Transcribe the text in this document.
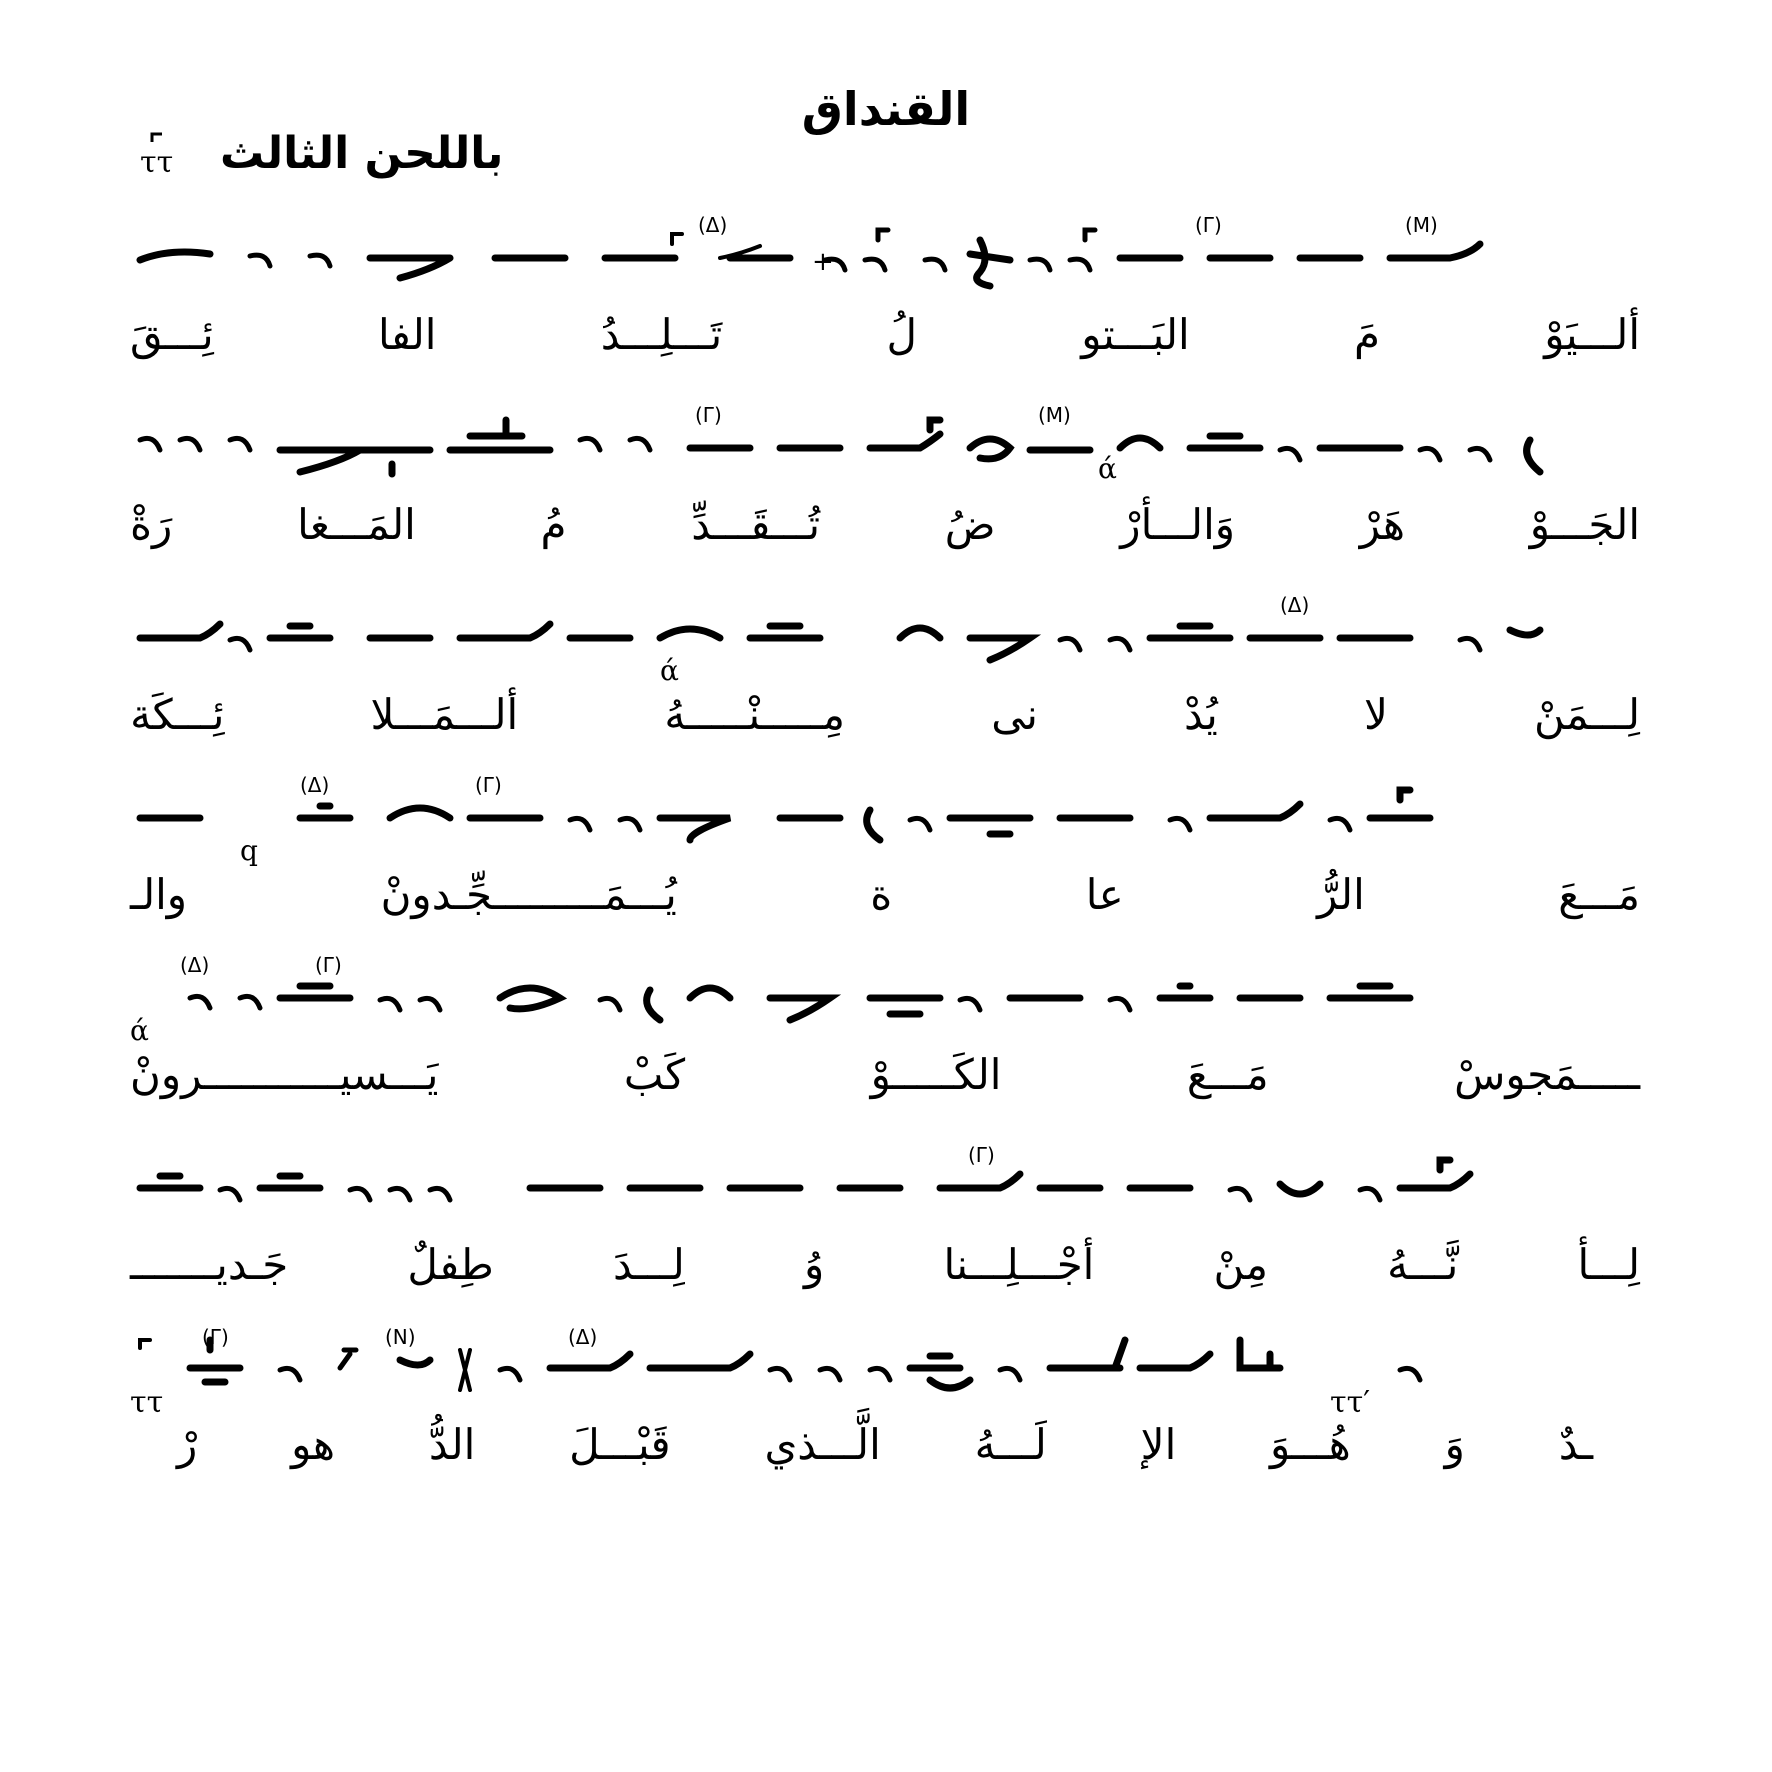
القنداق
باللحن الثالث
ττ
+
(Δ)	(Γ)	(M)
ألـــيَوْ
مَ
البَـــتو
لُ
تَـــلِـــدُ
الفا
ئِـــقَ
(M)
(Γ)
ά
الجَـــوْ
هَرْ
وَالـــأرْ
ضُ
تُـــقَـــدِّ
مُ
المَـــغا
رَةْ
(Δ)
ά
لِـــمَنْ
لا
يُدْ
نى
مِـــــنْـــــهُ
ألـــمَـــلا
ئِـــكَة
(Δ)	(Γ)
q
مَـــعَ
الرُّ
عا
ة
يُـــمَـــــــــجِّـدونْ
والـ
(Δ)	(Γ)
ά
ـــــمَجوسْ
مَـــعَ
الكَـــــوْ
كَبْ
يَـــسيـــــــــــرونْ
(Γ)
لِـــأ
نَّـــهُ
مِنْ
أجْـــلِـــنا
وُ
لِـــدَ
طِفلٌ
جَـديـــــــ
ττ
(Γ)	(N)	(Δ)
ττ′
ـدٌ
وَ
هُـــوَ
الإ
لَـــهُ
الَّـــذي
قَبْـــلَ
الدُّ
هو
رْ
